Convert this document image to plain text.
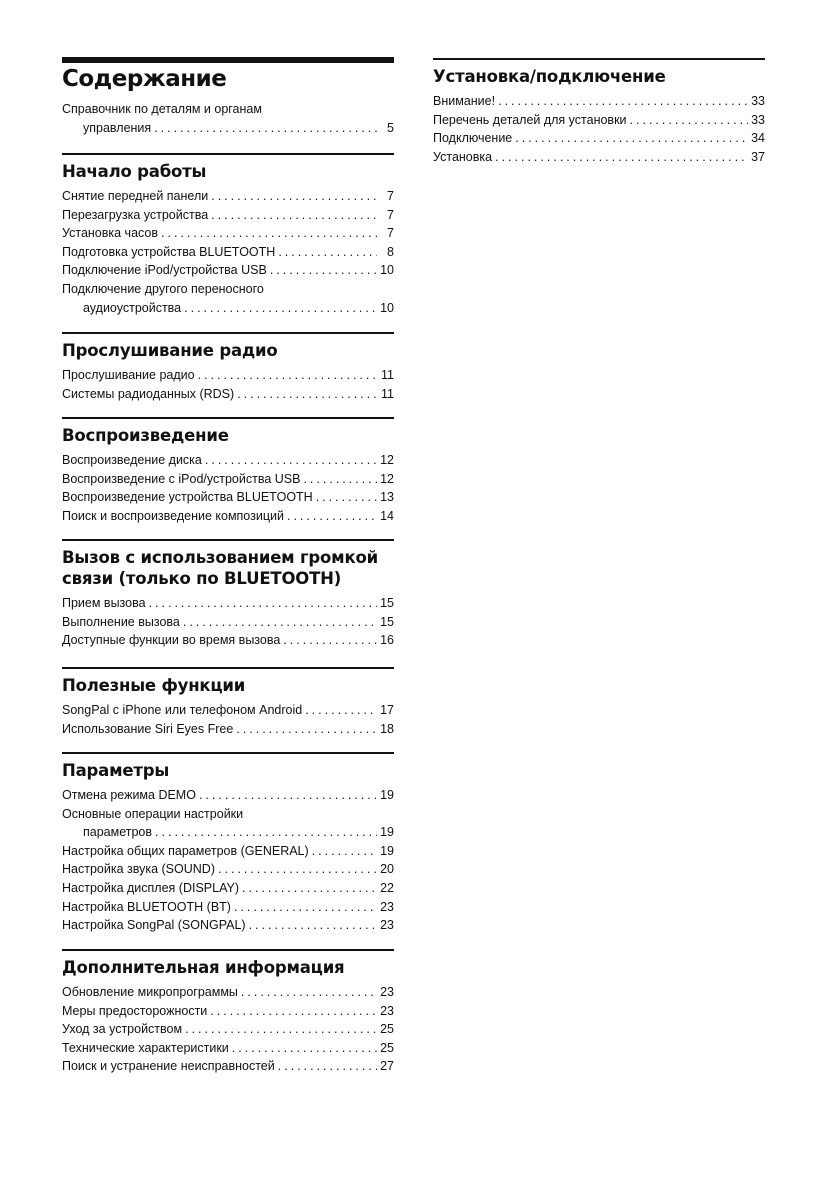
Содержание
Справочник по деталям и органам
управления .....	5
Начало работы
Снятие передней панели .....	7
Перезагрузка устройства .....	7
Установка часов .....	7
Подготовка устройства BLUETOOTH .....	8
Подключение iPod/устройства USB .....	10
Подключение другого переносного
аудиоустройства .....	10
Прослушивание радио
Прослушивание радио .....	11
Системы радиоданных (RDS) .....	11
Воспроизведение
Воспроизведение диска .....	12
Воспроизведение с iPod/устройства USB .....	12
Воспроизведение устройства BLUETOOTH .....	13
Поиск и воспроизведение композиций .....	14
Вызов с использованием громкой
связи (только по BLUETOOTH)
Прием вызова .....	15
Выполнение вызова .....	15
Доступные функции во время вызова .....	16
Полезные функции
SongPal с iPhone или телефоном Android .....	17
Использование Siri Eyes Free .....	18
Параметры
Отмена режима DEMO .....	19
Основные операции настройки
параметров .....	19
Настройка общих параметров (GENERAL) .....	19
Настройка звука (SOUND) .....	20
Настройка дисплея (DISPLAY) .....	22
Настройка BLUETOOTH (BT) .....	23
Настройка SongPal (SONGPAL) .....	23
Дополнительная информация
Обновление микропрограммы .....	23
Меры предосторожности .....	23
Уход за устройством .....	25
Технические характеристики .....	25
Поиск и устранение неисправностей .....	27
Установка/подключение
Внимание! .....	33
Перечень деталей для установки .....	33
Подключение .....	34
Установка .....	37
